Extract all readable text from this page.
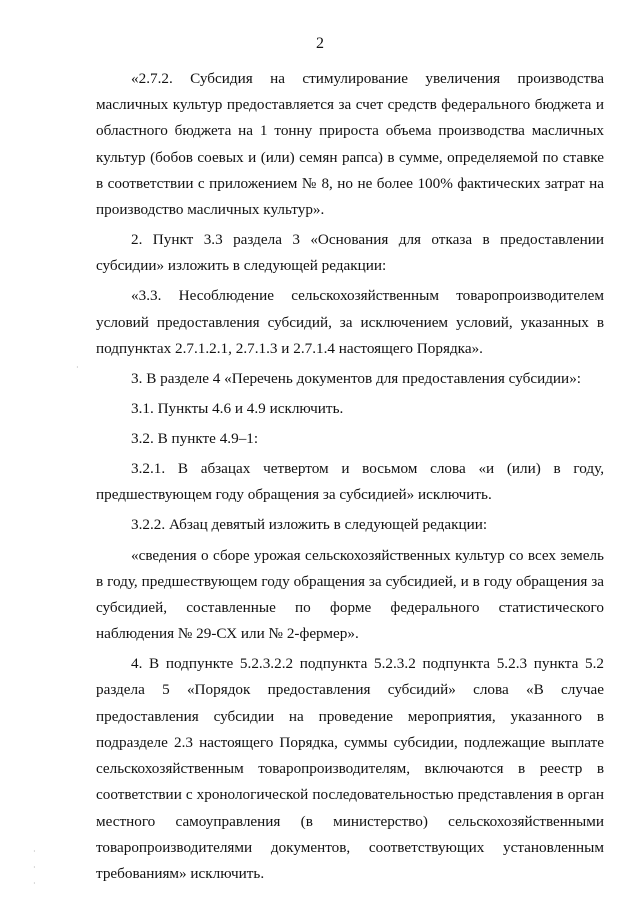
2

«2.7.2. Субсидия на стимулирование увеличения производства масличных культур предоставляется за счет средств федерального бюджета и областного бюджета на 1 тонну прироста объема производства масличных культур (бобов соевых и (или) семян рапса) в сумме, определяемой по ставке в соответствии с приложением № 8, но не более 100% фактических затрат на производство масличных культур».

2. Пункт 3.3 раздела 3 «Основания для отказа в предоставлении субсидии» изложить в следующей редакции:

«3.3. Несоблюдение сельскохозяйственным товаропроизводителем условий предоставления субсидий, за исключением условий, указанных в подпунктах 2.7.1.2.1, 2.7.1.3 и 2.7.1.4 настоящего Порядка».

3. В разделе 4 «Перечень документов для предоставления субсидии»:

3.1. Пункты 4.6 и 4.9 исключить.

3.2. В пункте 4.9–1:

3.2.1. В абзацах четвертом и восьмом слова «и (или) в году, предшествующем году обращения за субсидией» исключить.

3.2.2. Абзац девятый изложить в следующей редакции:

«сведения о сборе урожая сельскохозяйственных культур со всех земель в году, предшествующем году обращения за субсидией, и в году обращения за субсидией, составленные по форме федерального статистического наблюдения № 29-СХ или № 2-фермер».

4. В подпункте 5.2.3.2.2 подпункта 5.2.3.2 подпункта 5.2.3 пункта 5.2 раздела 5 «Порядок предоставления субсидий» слова «В случае предоставления субсидии на проведение мероприятия, указанного в подразделе 2.3 настоящего Порядка, суммы субсидии, подлежащие выплате сельскохозяйственным товаропроизводителям, включаются в реестр в соответствии с хронологической последовательностью представления в орган местного самоуправления (в министерство) сельскохозяйственными товаропроизводителями документов, соответствующих установленным требованиям» исключить.

·
·
·
·
